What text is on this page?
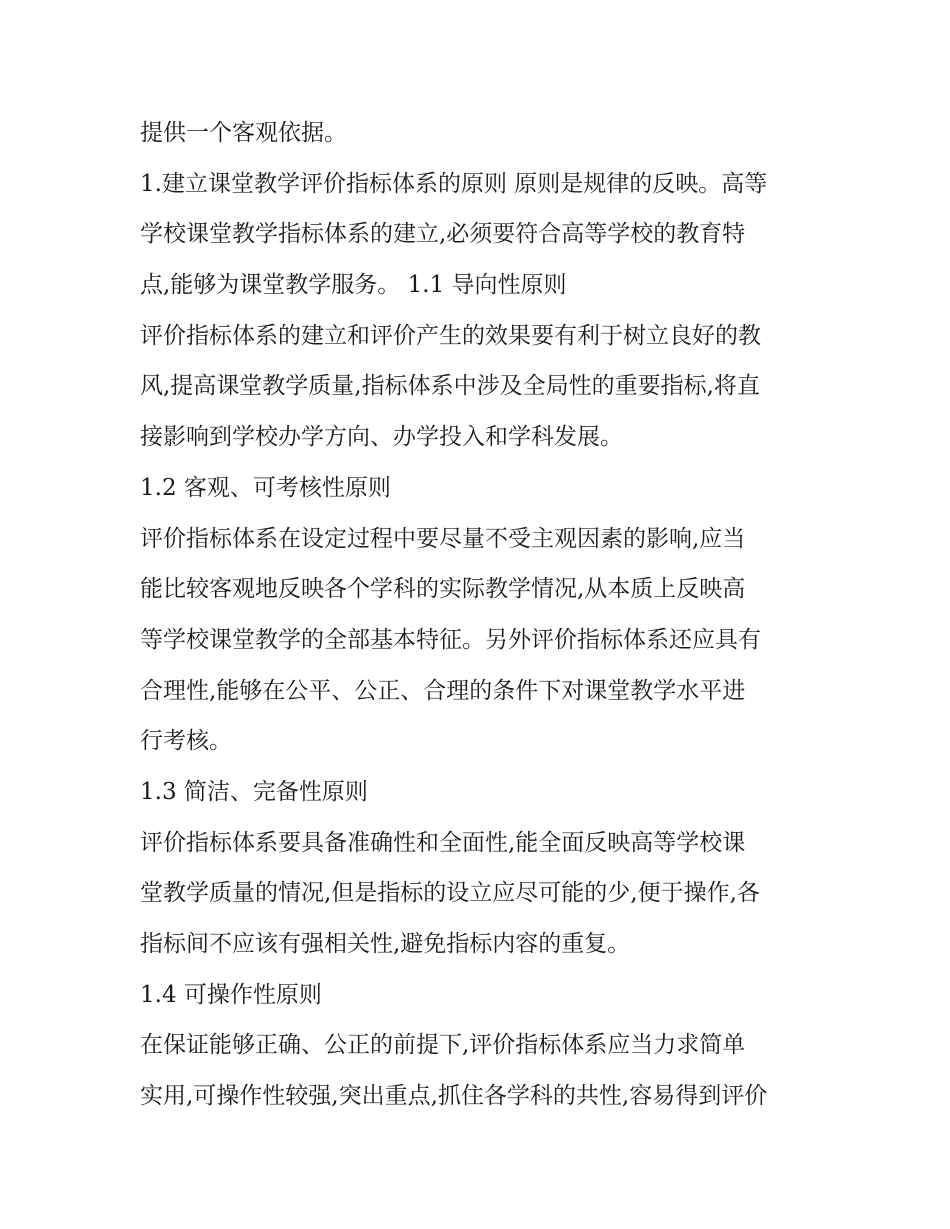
提供一个客观依据。
1.建立课堂教学评价指标体系的原则 原则是规律的反映。高等
学校课堂教学指标体系的建立,必须要符合高等学校的教育特
点,能够为课堂教学服务。 1.1 导向性原则
评价指标体系的建立和评价产生的效果要有利于树立良好的教
风,提高课堂教学质量,指标体系中涉及全局性的重要指标,将直
接影响到学校办学方向、办学投入和学科发展。
1.2 客观、可考核性原则
评价指标体系在设定过程中要尽量不受主观因素的影响,应当
能比较客观地反映各个学科的实际教学情况,从本质上反映高
等学校课堂教学的全部基本特征。另外评价指标体系还应具有
合理性,能够在公平、公正、合理的条件下对课堂教学水平进
行考核。
1.3 简洁、完备性原则
评价指标体系要具备准确性和全面性,能全面反映高等学校课
堂教学质量的情况,但是指标的设立应尽可能的少,便于操作,各
指标间不应该有强相关性,避免指标内容的重复。
1.4 可操作性原则
在保证能够正确、公正的前提下,评价指标体系应当力求简单
实用,可操作性较强,突出重点,抓住各学科的共性,容易得到评价
